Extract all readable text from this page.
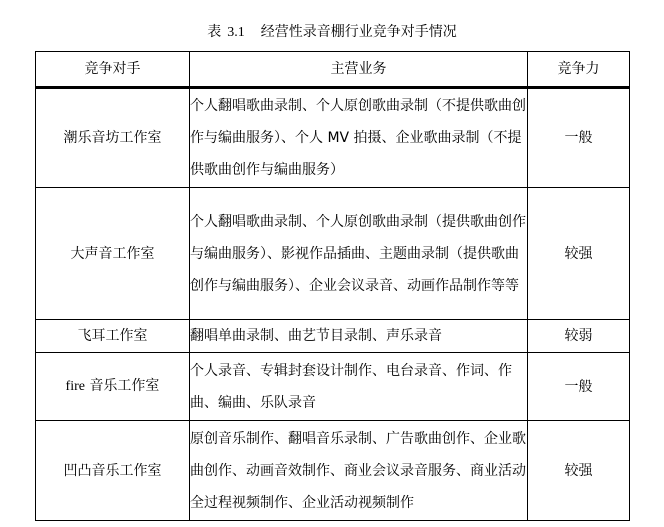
表 3.1 经营性录音棚行业竞争对手情况
竞争对手	主营业务	竞争力
潮乐音坊工作室	个人翻唱歌曲录制、个人原创歌曲录制（不提供歌曲创作与编曲服务）、个人 MV 拍摄、企业歌曲录制（不提供歌曲创作与编曲服务）	一般
大声音工作室	个人翻唱歌曲录制、个人原创歌曲录制（提供歌曲创作与编曲服务）、影视作品插曲、主题曲录制（提供歌曲创作与编曲服务）、企业会议录音、动画作品制作等等	较强
飞耳工作室	翻唱单曲录制、曲艺节目录制、声乐录音	较弱
fire 音乐工作室	个人录音、专辑封套设计制作、电台录音、作词、作曲、编曲、乐队录音	一般
凹凸音乐工作室	原创音乐制作、翻唱音乐录制、广告歌曲创作、企业歌曲创作、动画音效制作、商业会议录音服务、商业活动全过程视频制作、企业活动视频制作	较强
